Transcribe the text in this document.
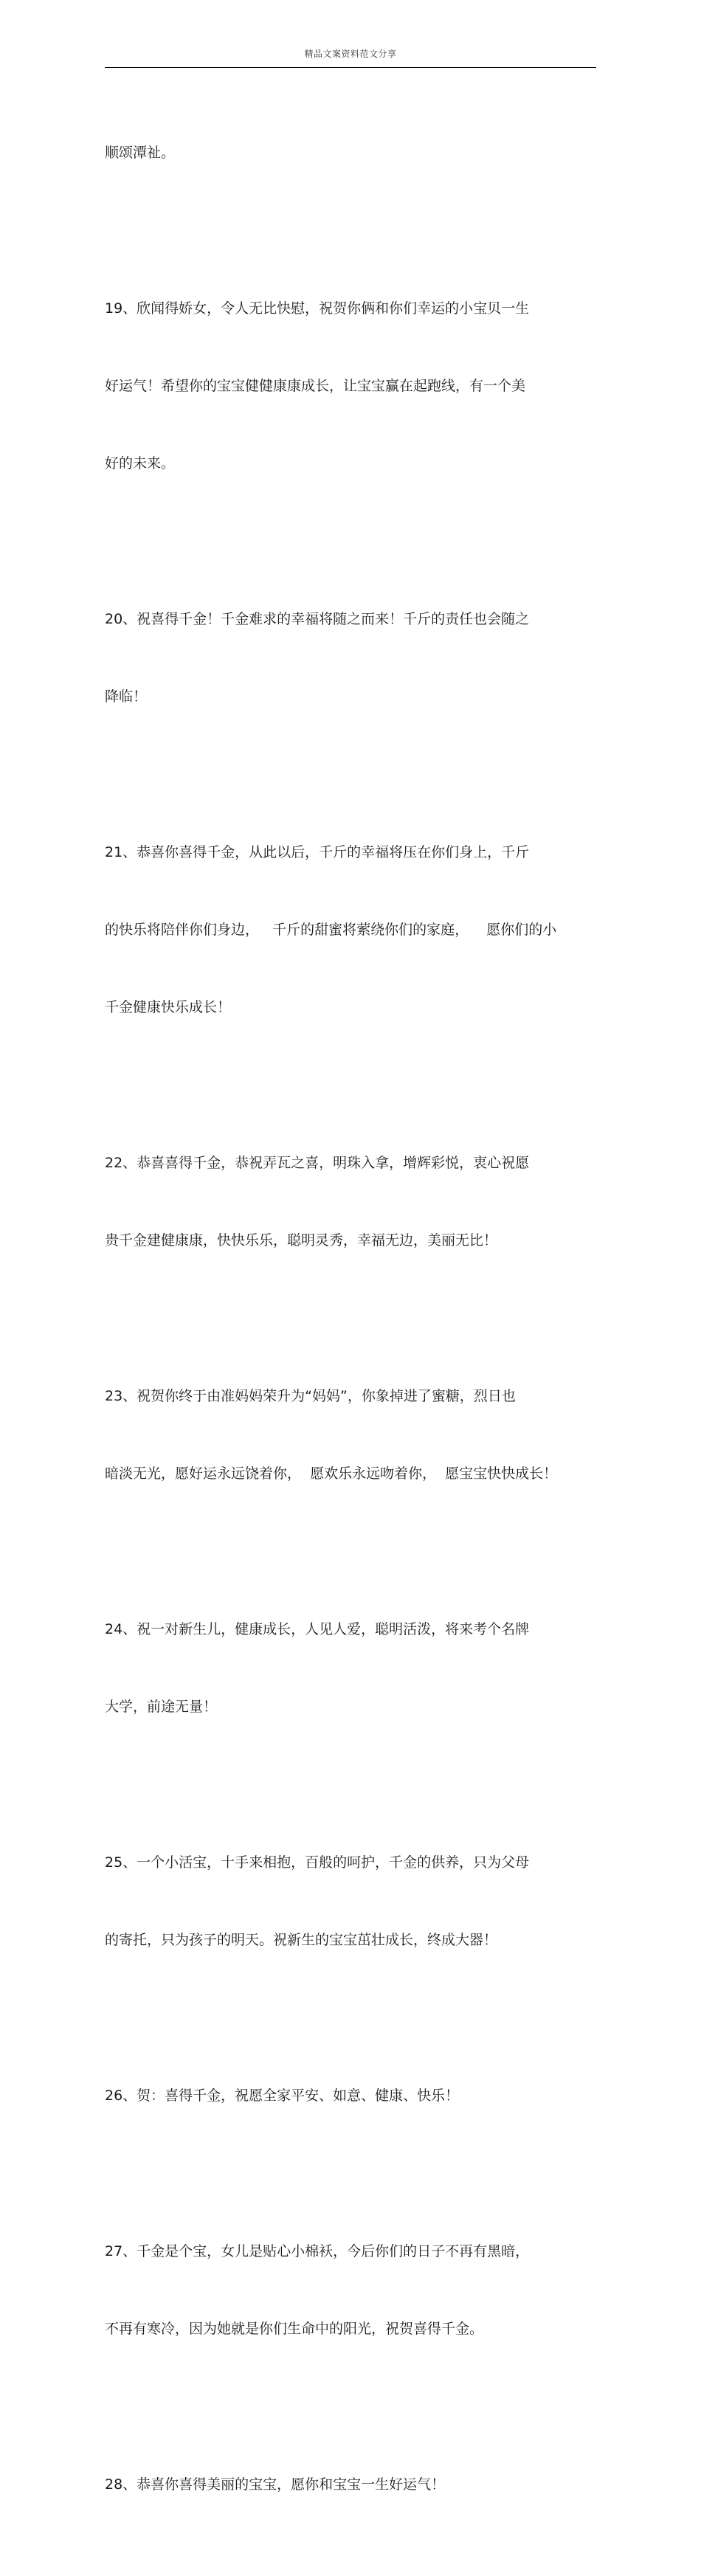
精品文案资料范文分享

顺颂潭祉。

19、欣闻得娇女，令人无比快慰，祝贺你俩和你们幸运的小宝贝一生

好运气！希望你的宝宝健健康康成长，让宝宝赢在起跑线，有一个美

好的未来。

20、祝喜得千金！千金难求的幸福将随之而来！千斤的责任也会随之

降临！

21、恭喜你喜得千金，从此以后，千斤的幸福将压在你们身上，千斤

的快乐将陪伴你们身边，   千斤的甜蜜将萦绕你们的家庭，    愿你们的小

千金健康快乐成长！

22、恭喜喜得千金，恭祝弄瓦之喜，明珠入拿，增辉彩悦，衷心祝愿

贵千金建健康康，快快乐乐，聪明灵秀，幸福无边，美丽无比！

23、祝贺你终于由准妈妈荣升为“妈妈”，你象掉进了蜜糖，烈日也

暗淡无光，愿好运永远饶着你，  愿欢乐永远吻着你，  愿宝宝快快成长！

24、祝一对新生儿，健康成长，人见人爱，聪明活泼，将来考个名牌

大学，前途无量！

25、一个小活宝，十手来相抱，百般的呵护，千金的供养，只为父母

的寄托，只为孩子的明天。祝新生的宝宝茁壮成长，终成大器！

26、贺：喜得千金，祝愿全家平安、如意、健康、快乐！

27、千金是个宝，女儿是贴心小棉袄，今后你们的日子不再有黑暗，

不再有寒冷，因为她就是你们生命中的阳光，祝贺喜得千金。

28、恭喜你喜得美丽的宝宝，愿你和宝宝一生好运气！
